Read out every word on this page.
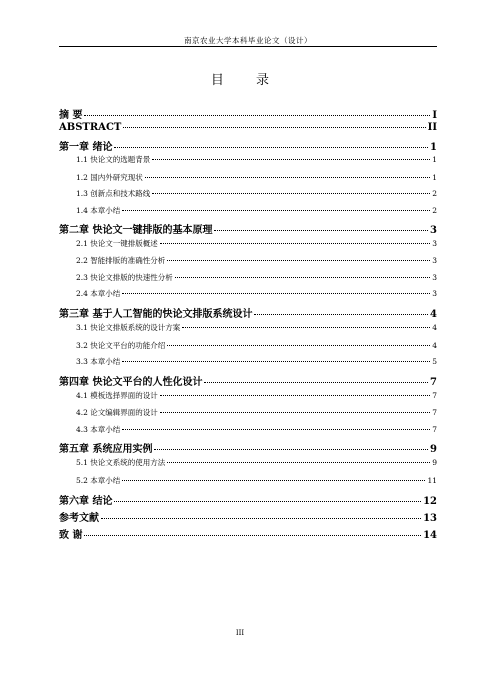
南京农业大学本科毕业论文（设计）
目 录
摘 要	I
ABSTRACT	II
第一章 绪论	1
1.1 快论文的选题背景	1
1.2 国内外研究现状	1
1.3 创新点和技术路线	2
1.4 本章小结	2
第二章 快论文一键排版的基本原理	3
2.1 快论文一键排版概述	3
2.2 智能排版的准确性分析	3
2.3 快论文排版的快速性分析	3
2.4 本章小结	3
第三章 基于人工智能的快论文排版系统设计	4
3.1 快论文排版系统的设计方案	4
3.2 快论文平台的功能介绍	4
3.3 本章小结	5
第四章 快论文平台的人性化设计	7
4.1 模板选择界面的设计	7
4.2 论文编辑界面的设计	7
4.3 本章小结	7
第五章 系统应用实例	9
5.1 快论文系统的使用方法	9
5.2 本章小结	11
第六章 结论	12
参考文献	13
致 谢	14
III
